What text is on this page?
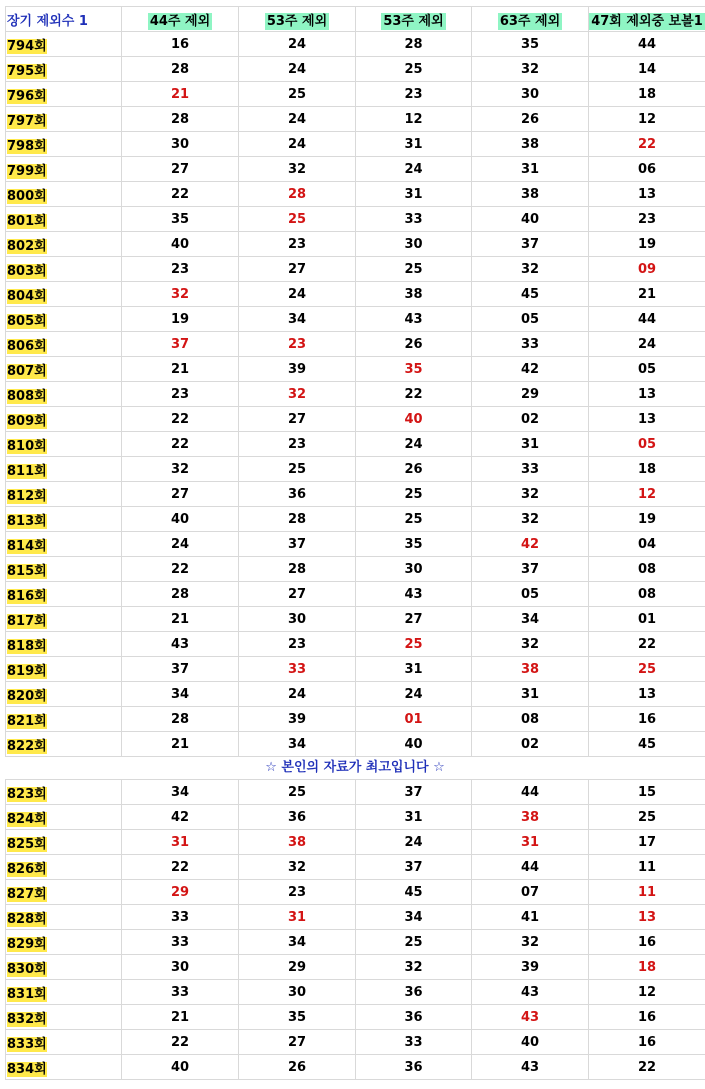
장기 제외수 1	44주 제외	53주 제외	53주 제외	63주 제외	47회 제외중 보볼1
794회	16	24	28	35	44
795회	28	24	25	32	14
796회	21	25	23	30	18
797회	28	24	12	26	12
798회	30	24	31	38	22
799회	27	32	24	31	06
800회	22	28	31	38	13
801회	35	25	33	40	23
802회	40	23	30	37	19
803회	23	27	25	32	09
804회	32	24	38	45	21
805회	19	34	43	05	44
806회	37	23	26	33	24
807회	21	39	35	42	05
808회	23	32	22	29	13
809회	22	27	40	02	13
810회	22	23	24	31	05
811회	32	25	26	33	18
812회	27	36	25	32	12
813회	40	28	25	32	19
814회	24	37	35	42	04
815회	22	28	30	37	08
816회	28	27	43	05	08
817회	21	30	27	34	01
818회	43	23	25	32	22
819회	37	33	31	38	25
820회	34	24	24	31	13
821회	28	39	01	08	16
822회	21	34	40	02	45
☆ 본인의 자료가 최고입니다 ☆
823회	34	25	37	44	15
824회	42	36	31	38	25
825회	31	38	24	31	17
826회	22	32	37	44	11
827회	29	23	45	07	11
828회	33	31	34	41	13
829회	33	34	25	32	16
830회	30	29	32	39	18
831회	33	30	36	43	12
832회	21	35	36	43	16
833회	22	27	33	40	16
834회	40	26	36	43	22
